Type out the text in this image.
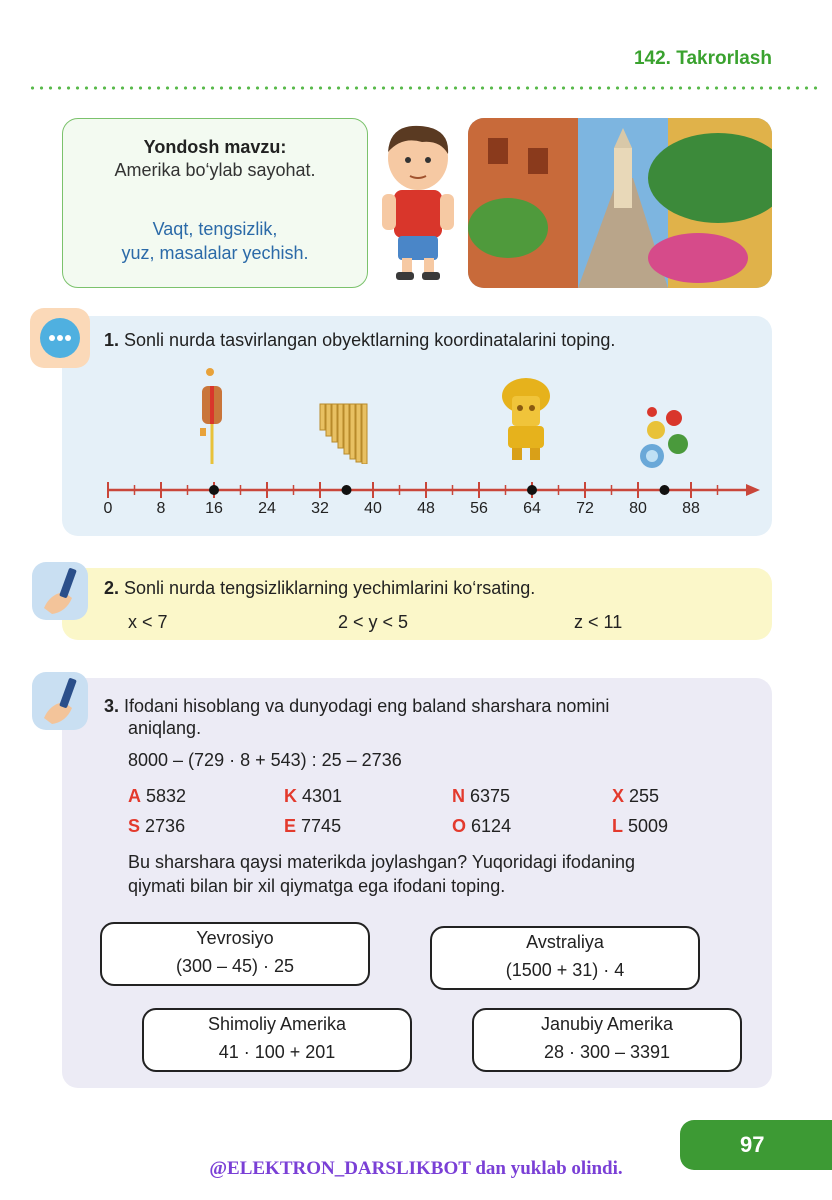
142. Takrorlash
Yondosh mavzu:
Amerika bo‘ylab sayohat.
Vaqt, tengsizlik,
yuz, masalalar yechish.
1. Sonli nurda tasvirlangan obyektlarning koordinatalarini toping.
0	8	16	24	32	40	48	56	64	72	80	88
2. Sonli nurda tengsizliklarning yechimlarini ko‘rsating.
x < 7	2 < y < 5	z < 11
3. Ifodani hisoblang va dunyodagi eng baland sharshara nomini
aniqlang.
8000 – (729 · 8 + 543) : 25 – 2736
A 5832	K 4301	N 6375	X 255
S 2736	E 7745	O 6124	L 5009
Bu sharshara qaysi materikda joylashgan? Yuqoridagi ifodaning
qiymati bilan bir xil qiymatga ega ifodani toping.
Yevrosiyo
(300 – 45) · 25
Avstraliya
(1500 + 31) · 4
Shimoliy Amerika
41 · 100 + 201
Janubiy Amerika
28 · 300 – 3391
97
@ELEKTRON_DARSLIKBOT dan yuklab olindi.
